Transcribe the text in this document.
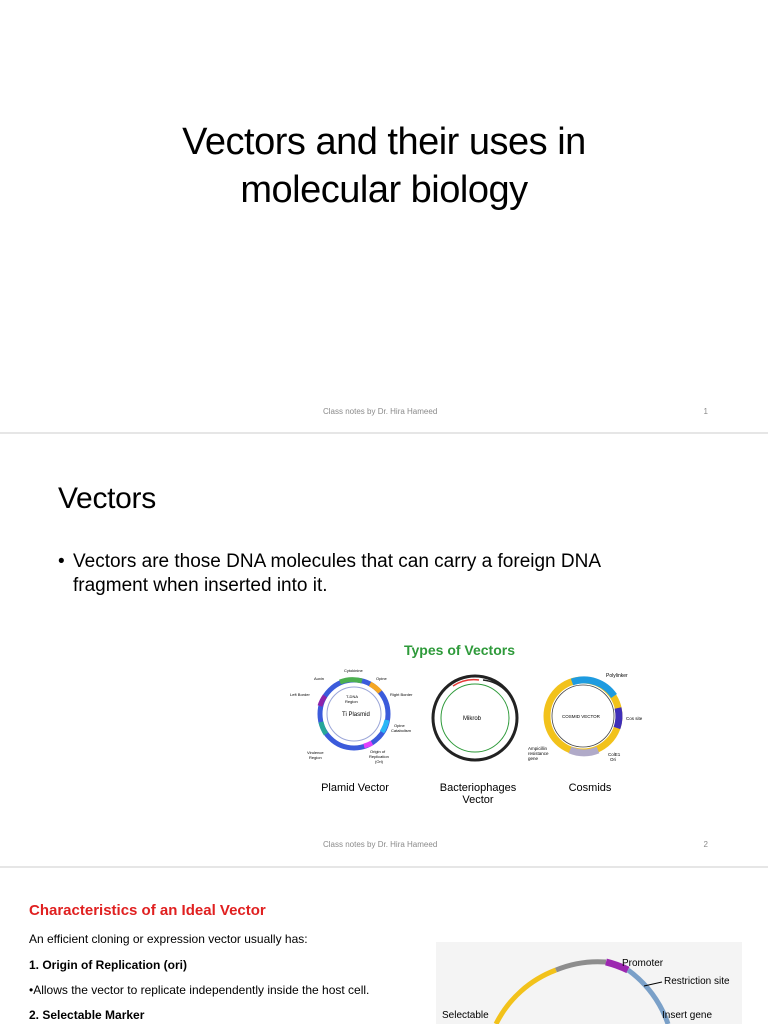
Vectors and their uses in
molecular biology
Class notes by Dr. Hira Hameed	1
Vectors
• Vectors are those DNA molecules that can carry a foreign DNA
fragment when inserted into it.
Types of Vectors
Cytokinine
Auxin	Opine
Left Border	Right Border
T-DNA
Region
Ti Plasmid
Opine
Catabolism
Virulence
Region
Origin of
Replication
(Ori)
Mikrob
Polylinker
COSMID VECTOR	Cos site
ColE1
Ori
Ampicillin
resistance
gene
Plamid Vector	Bacteriophages
Vector
Cosmids
Class notes by Dr. Hira Hameed	2
Characteristics of an Ideal Vector
An efficient cloning or expression vector usually has:
1. Origin of Replication (ori)
•Allows the vector to replicate independently inside the host cell.
2. Selectable Marker
Promoter
Restriction site
Selectable	Insert gene
